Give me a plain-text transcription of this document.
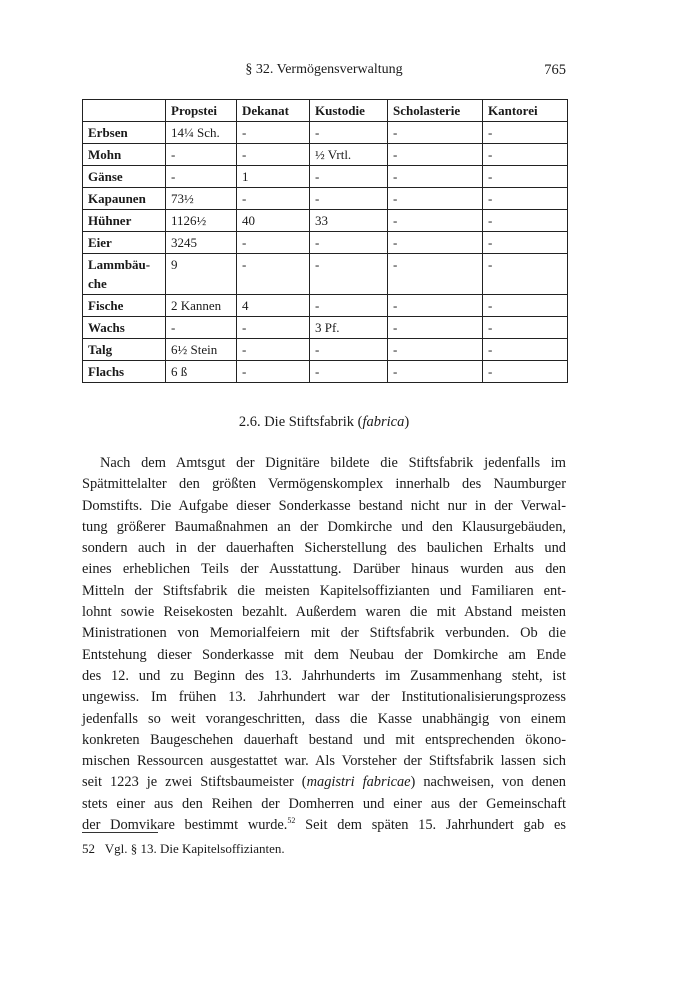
§ 32. Vermögensverwaltung	765
	Propstei	Dekanat	Kustodie	Scholasterie	Kantorei
Erbsen	14¼ Sch.	-	-	-	-
Mohn	-	-	½ Vrtl.	-	-
Gänse	-	1	-	-	-
Kapaunen	73½	-	-	-	-
Hühner	1126½	40	33	-	-
Eier	3245	-	-	-	-
Lammbäu-
che	9	-	-	-	-
Fische	2 Kannen	4	-	-	-
Wachs	-	-	3 Pf.	-	-
Talg	6½ Stein	-	-	-	-
Flachs	6 ß	-	-	-	-
2.6. Die Stiftsfabrik (fabrica)
Nach dem Amtsgut der Dignitäre bildete die Stiftsfabrik jedenfalls im
Spätmittelalter den größten Vermögenskomplex innerhalb des Naumburger
Domstifts. Die Aufgabe dieser Sonderkasse bestand nicht nur in der Verwal-
tung größerer Baumaßnahmen an der Domkirche und den Klausurgebäuden,
sondern auch in der dauerhaften Sicherstellung des baulichen Erhalts und
eines erheblichen Teils der Ausstattung. Darüber hinaus wurden aus den
Mitteln der Stiftsfabrik die meisten Kapitelsoffizianten und Familiaren ent-
lohnt sowie Reisekosten bezahlt. Außerdem waren die mit Abstand meisten
Ministrationen von Memorialfeiern mit der Stiftsfabrik verbunden. Ob die
Entstehung dieser Sonderkasse mit dem Neubau der Domkirche am Ende
des 12. und zu Beginn des 13. Jahrhunderts im Zusammenhang steht, ist
ungewiss. Im frühen 13. Jahrhundert war der Institutionalisierungsprozess
jedenfalls so weit vorangeschritten, dass die Kasse unabhängig von einem
konkreten Baugeschehen dauerhaft bestand und mit entsprechenden ökono-
mischen Ressourcen ausgestattet war. Als Vorsteher der Stiftsfabrik lassen sich
seit 1223 je zwei Stiftsbaumeister (magistri fabricae) nachweisen, von denen
stets einer aus den Reihen der Domherren und einer aus der Gemeinschaft
der Domvikare bestimmt wurde.$^{52}$ Seit dem späten 15. Jahrhundert gab es
52 Vgl. § 13. Die Kapitelsoffizianten.
